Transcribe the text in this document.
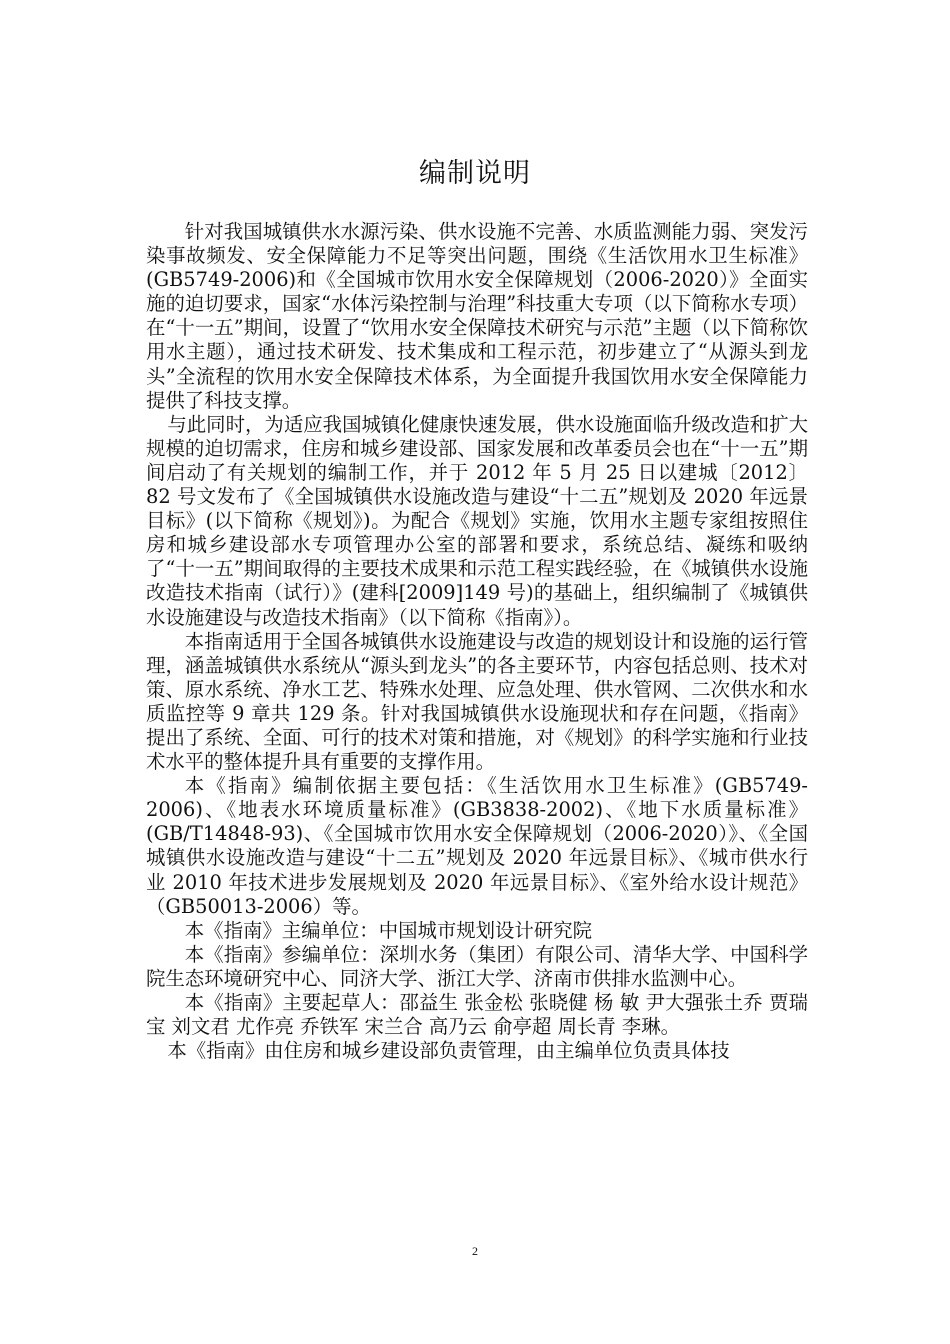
编制说明

针对我国城镇供水水源污染、供水设施不完善、水质监测能力弱、突发污染事故频发、安全保障能力不足等突出问题，围绕《生活饮用水卫生标准》(GB5749-2006)和《全国城市饮用水安全保障规划（2006-2020）》全面实施的迫切要求，国家“水体污染控制与治理”科技重大专项（以下简称水专项）在“十一五”期间，设置了“饮用水安全保障技术研究与示范”主题（以下简称饮用水主题），通过技术研发、技术集成和工程示范，初步建立了“从源头到龙头”全流程的饮用水安全保障技术体系，为全面提升我国饮用水安全保障能力提供了科技支撑。

与此同时，为适应我国城镇化健康快速发展，供水设施面临升级改造和扩大规模的迫切需求，住房和城乡建设部、国家发展和改革委员会也在“十一五”期间启动了有关规划的编制工作，并于 2012 年 5 月 25 日以建城〔2012〕82 号文发布了《全国城镇供水设施改造与建设“十二五”规划及 2020 年远景目标》(以下简称《规划》)。为配合《规划》实施，饮用水主题专家组按照住房和城乡建设部水专项管理办公室的部署和要求，系统总结、凝练和吸纳了“十一五”期间取得的主要技术成果和示范工程实践经验，在《城镇供水设施改造技术指南（试行）》(建科[2009]149 号)的基础上，组织编制了《城镇供水设施建设与改造技术指南》（以下简称《指南》）。

本指南适用于全国各城镇供水设施建设与改造的规划设计和设施的运行管理，涵盖城镇供水系统从“源头到龙头”的各主要环节，内容包括总则、技术对策、原水系统、净水工艺、特殊水处理、应急处理、供水管网、二次供水和水质监控等 9 章共 129 条。针对我国城镇供水设施现状和存在问题，《指南》提出了系统、全面、可行的技术对策和措施，对《规划》的科学实施和行业技术水平的整体提升具有重要的支撑作用。

本《指南》编制依据主要包括：《生活饮用水卫生标准》(GB5749-2006)、《地表水环境质量标准》(GB3838-2002)、《地下水质量标准》(GB/T14848-93)、《全国城市饮用水安全保障规划（2006-2020）》、《全国城镇供水设施改造与建设“十二五”规划及 2020 年远景目标》、《城市供水行业 2010 年技术进步发展规划及 2020 年远景目标》、《室外给水设计规范》（GB50013-2006）等。

本《指南》主编单位：中国城市规划设计研究院

本《指南》参编单位：深圳水务（集团）有限公司、清华大学、中国科学院生态环境研究中心、同济大学、浙江大学、济南市供排水监测中心。

本《指南》主要起草人：邵益生 张金松 张晓健 杨 敏 尹大强张土乔 贾瑞宝 刘文君 尤作亮 乔铁军 宋兰合 高乃云 俞亭超 周长青 李琳。

本《指南》由住房和城乡建设部负责管理，由主编单位负责具体技

2
